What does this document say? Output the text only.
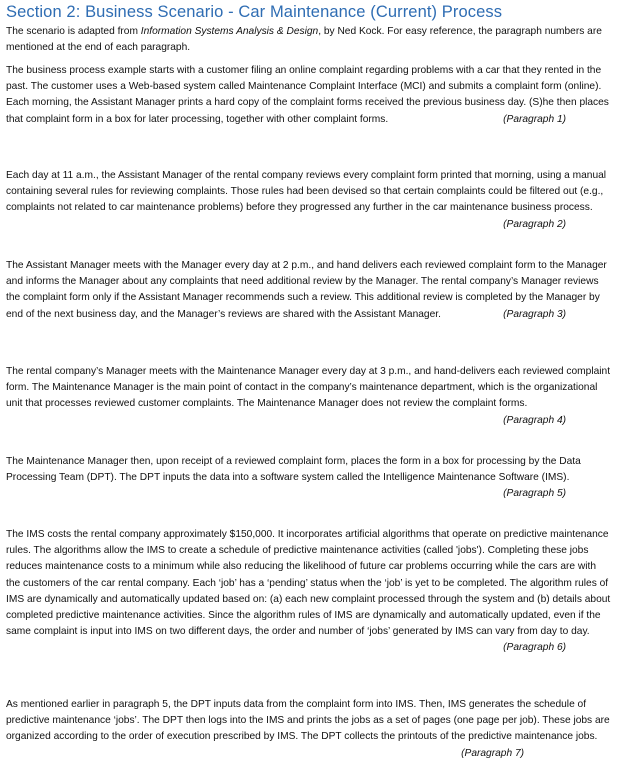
Section 2: Business Scenario - Car Maintenance (Current) Process
The scenario is adapted from Information Systems Analysis & Design, by Ned Kock. For easy reference, the paragraph numbers are mentioned at the end of each paragraph.

The business process example starts with a customer filing an online complaint regarding problems with a car that they rented in the past. The customer uses a Web-based system called Maintenance Complaint Interface (MCI) and submits a complaint form (online). Each morning, the Assistant Manager prints a hard copy of the complaint forms received the previous business day. (S)he then places that complaint form in a box for later processing, together with other complaint forms.	(Paragraph 1)

Each day at 11 a.m., the Assistant Manager of the rental company reviews every complaint form printed that morning, using a manual containing several rules for reviewing complaints. Those rules had been devised so that certain complaints could be filtered out (e.g., complaints not related to car maintenance problems) before they progressed any further in the car maintenance business process.
(Paragraph 2)

The Assistant Manager meets with the Manager every day at 2 p.m., and hand delivers each reviewed complaint form to the Manager and informs the Manager about any complaints that need additional review by the Manager. The rental company’s Manager reviews the complaint form only if the Assistant Manager recommends such a review. This additional review is completed by the Manager by end of the next business day, and the Manager’s reviews are shared with the Assistant Manager.	(Paragraph 3)

The rental company’s Manager meets with the Maintenance Manager every day at 3 p.m., and hand-delivers each reviewed complaint form. The Maintenance Manager is the main point of contact in the company’s maintenance department, which is the organizational unit that processes reviewed customer complaints. The Maintenance Manager does not review the complaint forms.
(Paragraph 4)

The Maintenance Manager then, upon receipt of a reviewed complaint form, places the form in a box for processing by the Data Processing Team (DPT). The DPT inputs the data into a software system called the Intelligence Maintenance Software (IMS).
(Paragraph 5)

The IMS costs the rental company approximately $150,000. It incorporates artificial algorithms that operate on predictive maintenance rules. The algorithms allow the IMS to create a schedule of predictive maintenance activities (called 'jobs'). Completing these jobs reduces maintenance costs to a minimum while also reducing the likelihood of future car problems occurring while the cars are with the customers of the car rental company. Each ‘job’ has a ‘pending’ status when the ‘job’ is yet to be completed. The algorithm rules of IMS are dynamically and automatically updated based on: (a) each new complaint processed through the system and (b) details about completed predictive maintenance activities. Since the algorithm rules of IMS are dynamically and automatically updated, even if the same complaint is input into IMS on two different days, the order and number of ‘jobs’ generated by IMS can vary from day to day.
(Paragraph 6)

As mentioned earlier in paragraph 5, the DPT inputs data from the complaint form into IMS. Then, IMS generates the schedule of predictive maintenance ‘jobs’. The DPT then logs into the IMS and prints the jobs as a set of pages (one page per job). These jobs are organized according to the order of execution prescribed by IMS. The DPT collects the printouts of the predictive maintenance jobs.
(Paragraph 7)
